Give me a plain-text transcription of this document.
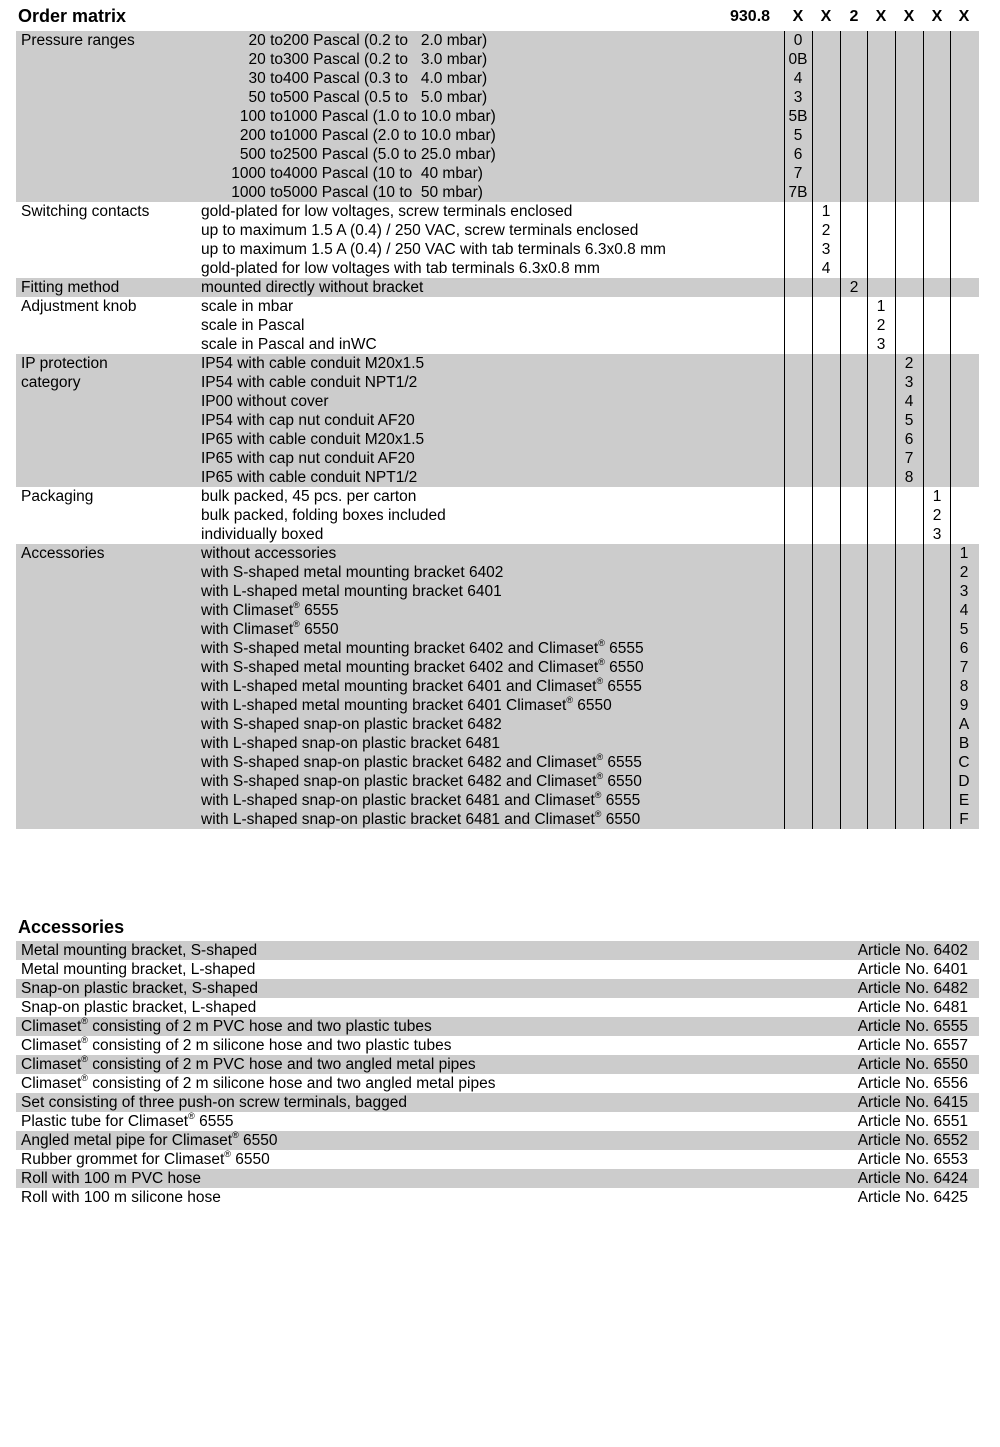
Order matrix	930.8	X	X	2	X	X	X	X
Pressure ranges	20 to 200 Pascal (0.2 to   2.0 mbar)	0
20 to 300 Pascal (0.2 to   3.0 mbar)	0B
30 to 400 Pascal (0.3 to   4.0 mbar)	4
50 to 500 Pascal (0.5 to   5.0 mbar)	3
100 to 1000 Pascal (1.0 to 10.0 mbar)	5B
200 to 1000 Pascal (2.0 to 10.0 mbar)	5
500 to 2500 Pascal (5.0 to 25.0 mbar)	6
1000 to 4000 Pascal (10 to  40 mbar)	7
1000 to 5000 Pascal (10 to  50 mbar)	7B
Switching contacts	gold-plated for low voltages, screw terminals enclosed	1
up to maximum 1.5 A (0.4) / 250 VAC, screw terminals enclosed	2
up to maximum 1.5 A (0.4) / 250 VAC with tab terminals 6.3x0.8 mm	3
gold-plated for low voltages with tab terminals 6.3x0.8 mm	4
Fitting method	mounted directly without bracket	2
Adjustment knob	scale in mbar	1
scale in Pascal	2
scale in Pascal and inWC	3
IP protection	IP54 with cable conduit M20x1.5	2
category	IP54 with cable conduit NPT1/2	3
IP00 without cover	4
IP54 with cap nut conduit AF20	5
IP65 with cable conduit M20x1.5	6
IP65 with cap nut conduit AF20	7
IP65 with cable conduit NPT1/2	8
Packaging	bulk packed, 45 pcs. per carton	1
bulk packed, folding boxes included	2
individually boxed	3
Accessories	without accessories	1
with S-shaped metal mounting bracket 6402	2
with L-shaped metal mounting bracket 6401	3
with Climaset® 6555	4
with Climaset® 6550	5
with S-shaped metal mounting bracket 6402 and Climaset® 6555	6
with S-shaped metal mounting bracket 6402 and Climaset® 6550	7
with L-shaped metal mounting bracket 6401 and Climaset® 6555	8
with L-shaped metal mounting bracket 6401 Climaset® 6550	9
with S-shaped snap-on plastic bracket 6482	A
with L-shaped snap-on plastic bracket 6481	B
with S-shaped snap-on plastic bracket 6482 and Climaset® 6555	C
with S-shaped snap-on plastic bracket 6482 and Climaset® 6550	D
with L-shaped snap-on plastic bracket 6481 and Climaset® 6555	E
with L-shaped snap-on plastic bracket 6481 and Climaset® 6550	F
Accessories
Metal mounting bracket, S-shaped	Article No. 6402
Metal mounting bracket, L-shaped	Article No. 6401
Snap-on plastic bracket, S-shaped	Article No. 6482
Snap-on plastic bracket, L-shaped	Article No. 6481
Climaset® consisting of 2 m PVC hose and two plastic tubes	Article No. 6555
Climaset® consisting of 2 m silicone hose and two plastic tubes	Article No. 6557
Climaset® consisting of 2 m PVC hose and two angled metal pipes	Article No. 6550
Climaset® consisting of 2 m silicone hose and two angled metal pipes	Article No. 6556
Set consisting of three push-on screw terminals, bagged	Article No. 6415
Plastic tube for Climaset® 6555	Article No. 6551
Angled metal pipe for Climaset® 6550	Article No. 6552
Rubber grommet for Climaset® 6550	Article No. 6553
Roll with 100 m PVC hose	Article No. 6424
Roll with 100 m silicone hose	Article No. 6425
